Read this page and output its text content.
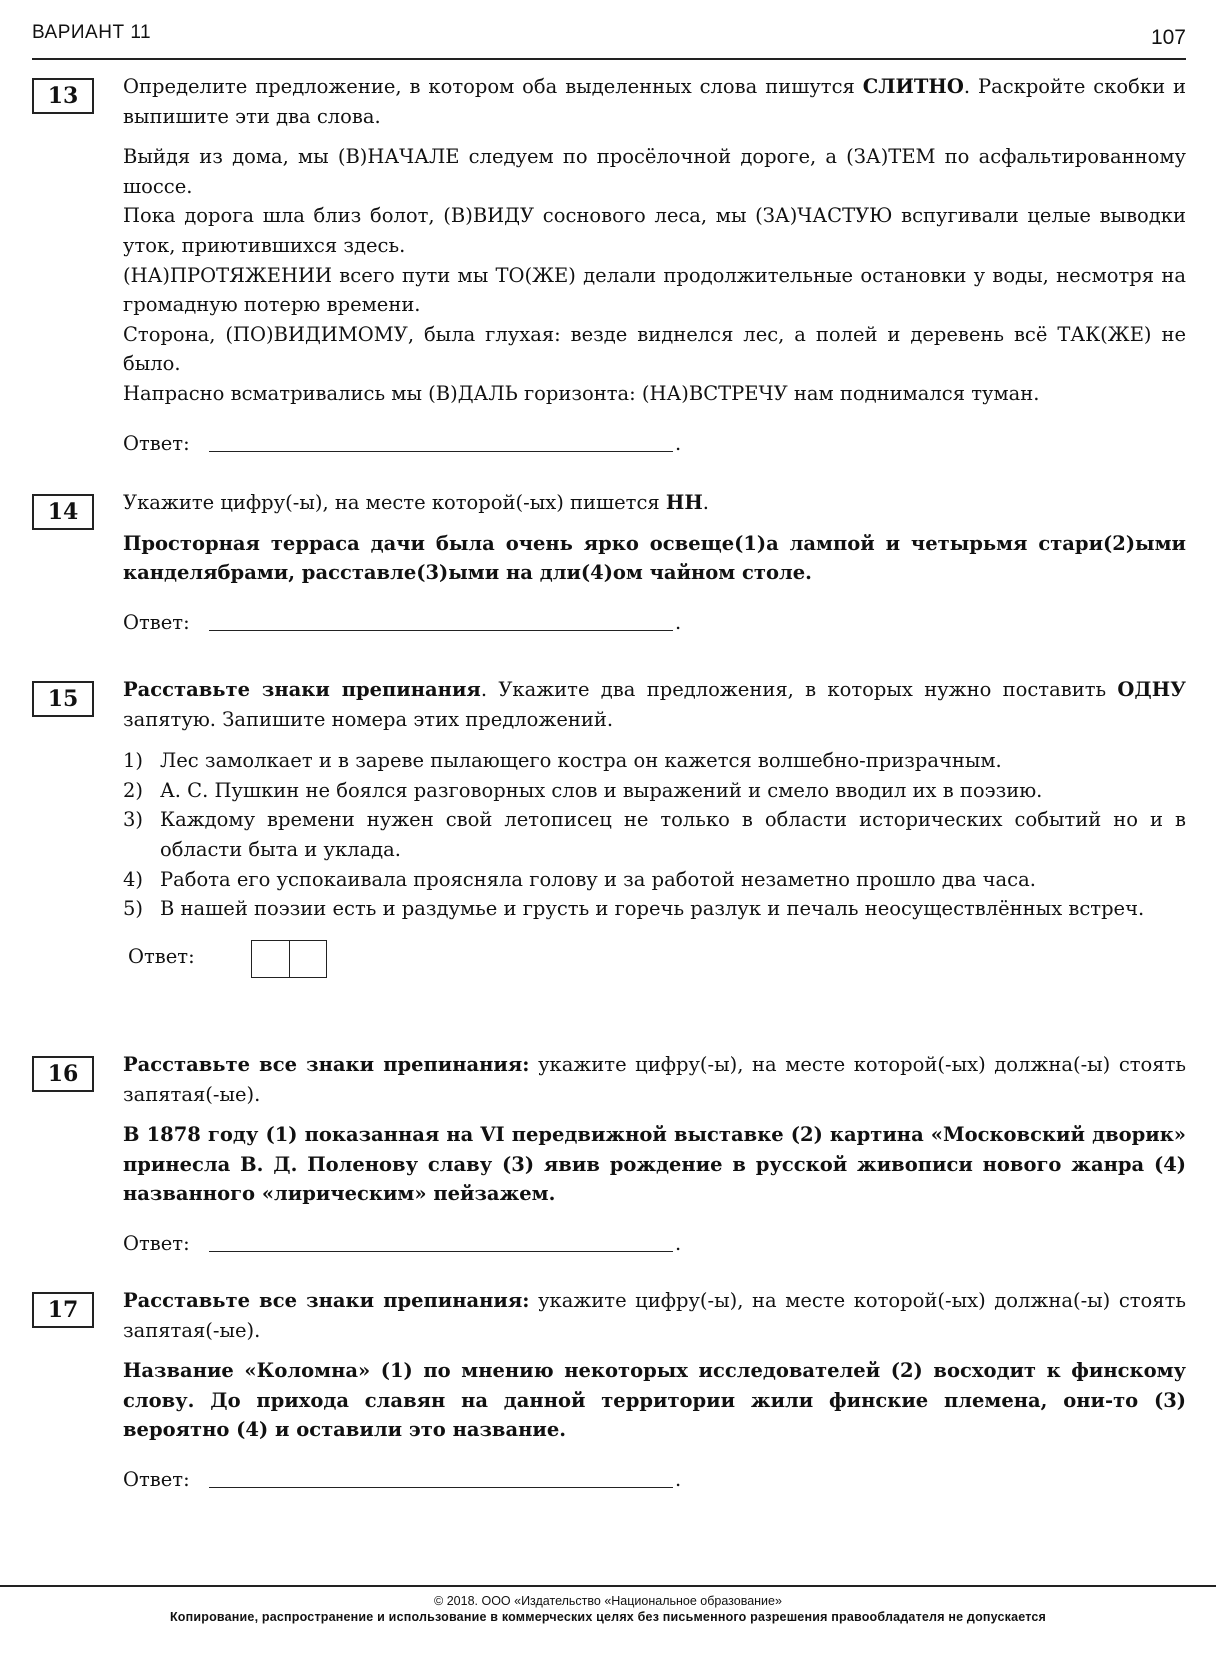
ВАРИАНТ 11	107
13	Определите предложение, в котором оба выделенных слова пишутся СЛИТНО. Раскройте скобки и выпишите эти два слова.

Выйдя из дома, мы (В)НАЧАЛЕ следуем по просёлочной дороге, а (ЗА)ТЕМ по асфальтированному шоссе.

Пока дорога шла близ болот, (В)ВИДУ соснового леса, мы (ЗА)ЧАСТУЮ вспугивали целые выводки уток, приютившихся здесь.

(НА)ПРОТЯЖЕНИИ всего пути мы ТО(ЖЕ) делали продолжительные остановки у воды, несмотря на громадную потерю времени.

Сторона, (ПО)ВИДИМОМУ, была глухая: везде виднелся лес, а полей и деревень всё ТАК(ЖЕ) не было.

Напрасно всматривались мы (В)ДАЛЬ горизонта: (НА)ВСТРЕЧУ нам поднимался туман.

Ответ:	.
14	Укажите цифру(-ы), на месте которой(-ых) пишется НН.

Просторная терраса дачи была очень ярко освеще(1)а лампой и четырьмя стари(2)ыми канделябрами, расставле(3)ыми на дли(4)ом чайном столе.

Ответ:	.
15	Расставьте знаки препинания. Укажите два предложения, в которых нужно поставить ОДНУ запятую. Запишите номера этих предложений.

1) Лес замолкает и в зареве пылающего костра он кажется волшебно-призрачным.
2) А. С. Пушкин не боялся разговорных слов и выражений и смело вводил их в поэзию.
3) Каждому времени нужен свой летописец не только в области исторических событий но и в области быта и уклада.
4) Работа его успокаивала проясняла голову и за работой незаметно прошло два часа.
5) В нашей поэзии есть и раздумье и грусть и горечь разлук и печаль неосуществлённых встреч.
Ответ:
16	Расставьте все знаки препинания: укажите цифру(-ы), на месте которой(-ых) должна(-ы) стоять запятая(-ые).

В 1878 году (1) показанная на VI передвижной выставке (2) картина «Московский дворик» принесла В. Д. Поленову славу (3) явив рождение в русской живописи нового жанра (4) названного «лирическим» пейзажем.

Ответ:	.
17	Расставьте все знаки препинания: укажите цифру(-ы), на месте которой(-ых) должна(-ы) стоять запятая(-ые).

Название «Коломна» (1) по мнению некоторых исследователей (2) восходит к финскому слову. До прихода славян на данной территории жили финские племена, они-то (3) вероятно (4) и оставили это название.

Ответ:	.
© 2018. ООО «Издательство «Национальное образование»
Копирование, распространение и использование в коммерческих целях без письменного разрешения правообладателя не допускается
